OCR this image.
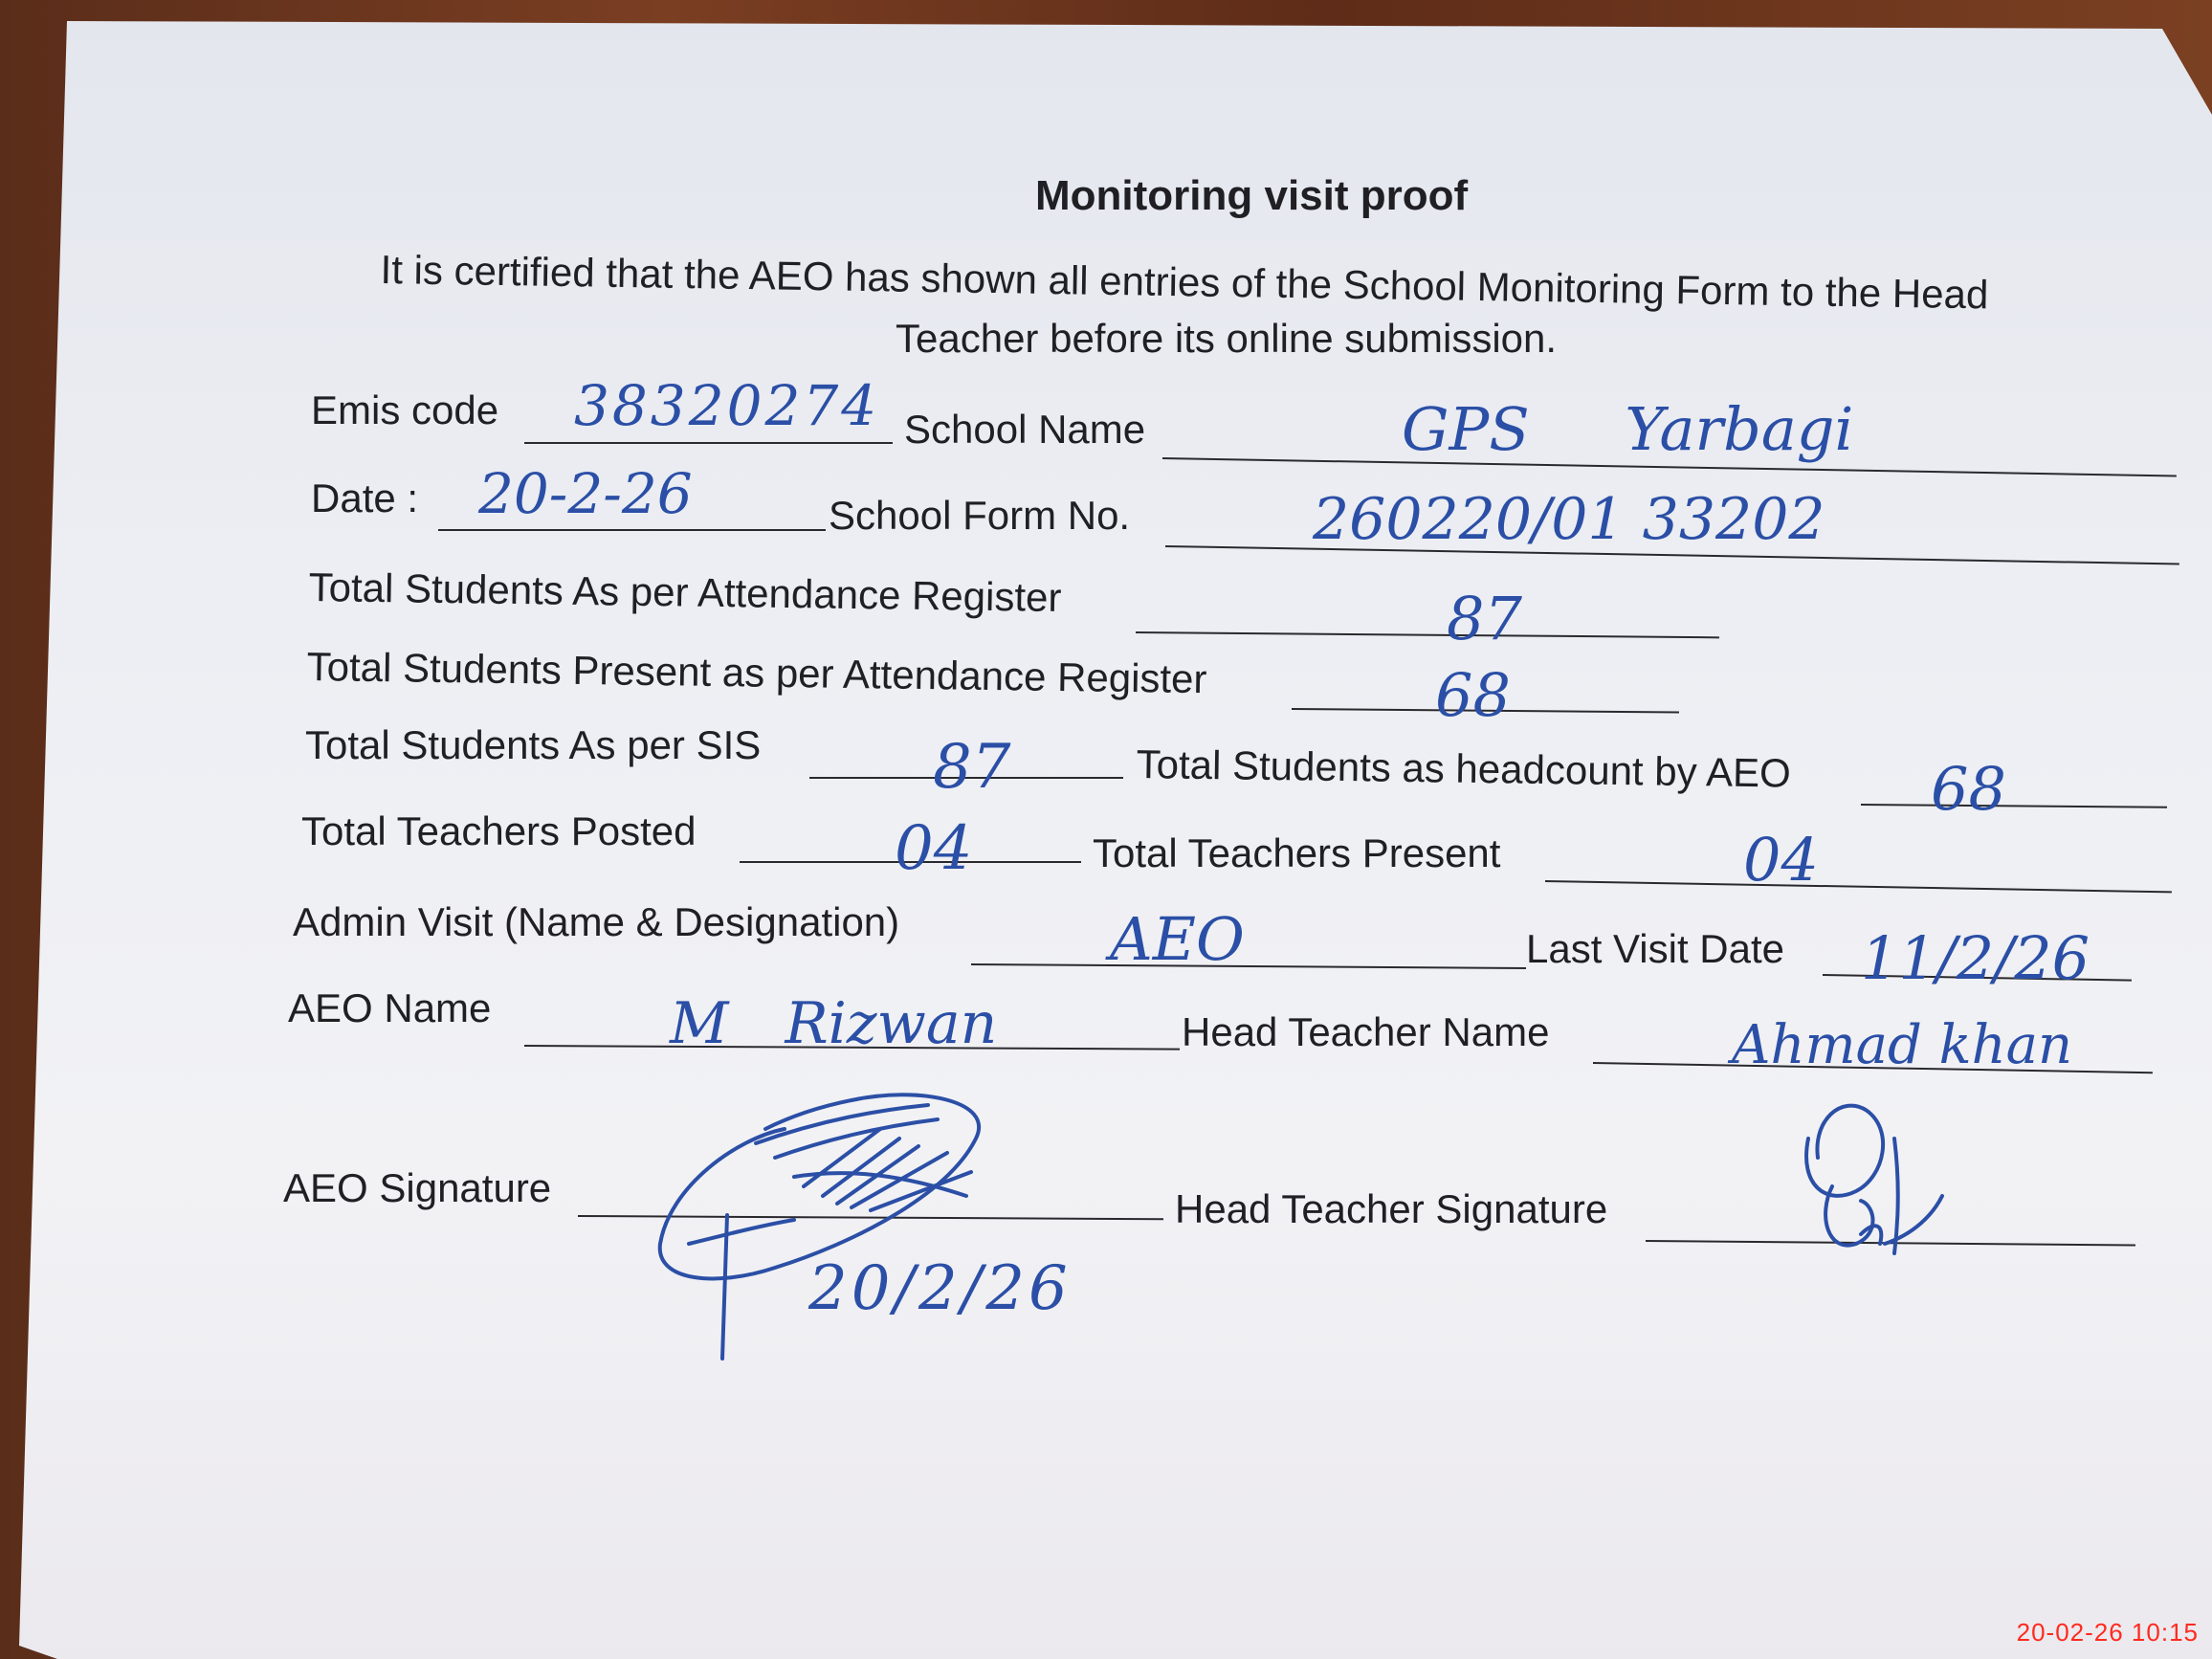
Monitoring visit proof
It is certified that the AEO has shown all entries of the School Monitoring Form to the Head
Teacher before its online submission.
Emis code 38320274 School Name	GPS Yarbagi
Date : 20-2-26	School Form No.	260220/01 33202
Total Students As per Attendance Register	87
Total Students Present as per Attendance Register	68
Total Students As per SIS	87	Total Students as headcount by AEO 68
Total Teachers Posted	04	Total Teachers Present	04
Admin Visit (Name & Designation)	AEO	Last Visit Date 11/2/26
AEO Name	M Rizwan	Head Teacher Name	Ahmad khan
AEO Signature	Head Teacher Signature
20/2/26
20-02-26 10:15
